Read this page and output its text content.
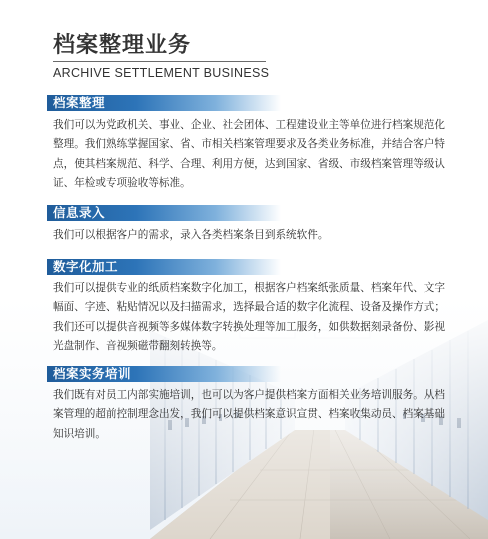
档案整理业务
ARCHIVE SETTLEMENT BUSINESS
档案整理
我们可以为党政机关、事业、企业、社会团体、工程建设业主等单位进行档案规范化整理。我们熟练掌握国家、省、市相关档案管理要求及各类业务标准，并结合客户特点，使其档案规范、科学、合理、利用方便，达到国家、省级、市级档案管理等级认证、年检或专项验收等标准。
信息录入
我们可以根据客户的需求，录入各类档案条目到系统软件。
数字化加工
我们可以提供专业的纸质档案数字化加工，根据客户档案纸张质量、档案年代、文字幅面、字迹、粘贴情况以及扫描需求，选择最合适的数字化流程、设备及操作方式；我们还可以提供音视频等多媒体数字转换处理等加工服务，如供数据刻录备份、影视光盘制作、音视频磁带翻刻转换等。
档案实务培训
我们既有对员工内部实施培训，也可以为客户提供档案方面相关业务培训服务。从档案管理的超前控制理念出发，我们可以提供档案意识宣贯、档案收集动员、档案基础知识培训。
